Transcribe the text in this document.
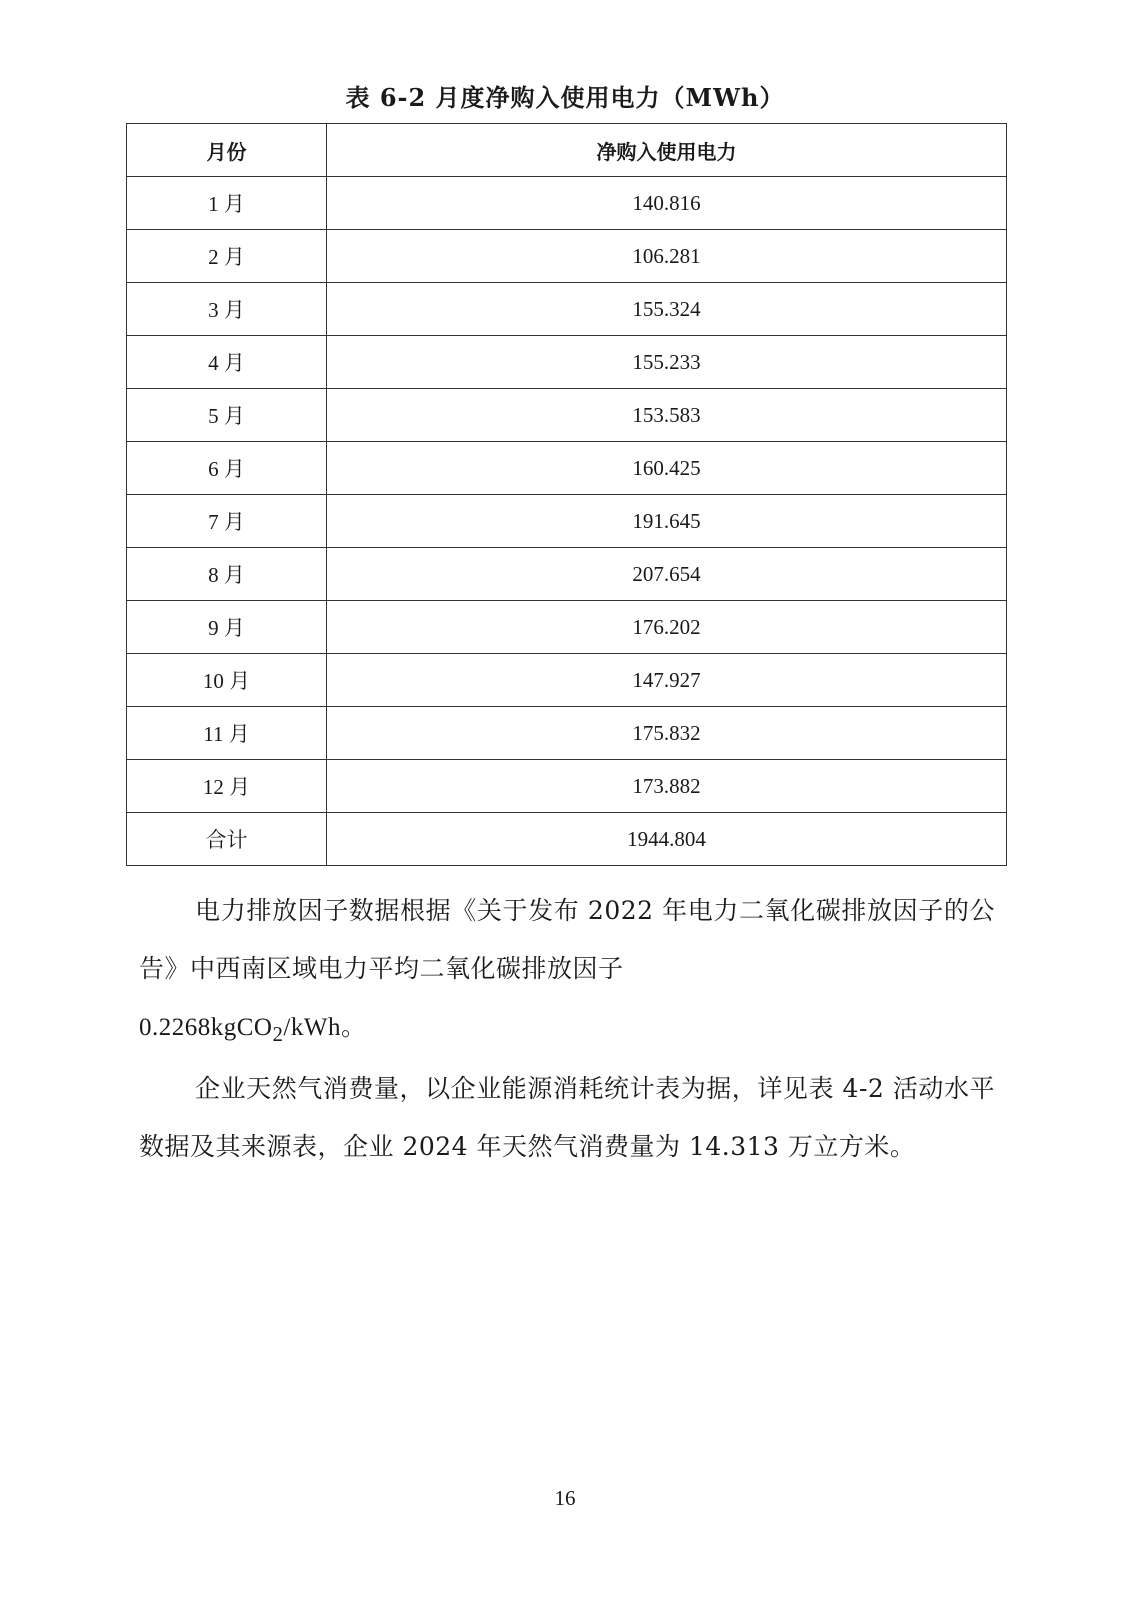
表 6-2 月度净购入使用电力（MWh）
月份	净购入使用电力
1 月	140.816
2 月	106.281
3 月	155.324
4 月	155.233
5 月	153.583
6 月	160.425
7 月	191.645
8 月	207.654
9 月	176.202
10 月	147.927
11 月	175.832
12 月	173.882
合计	1944.804
电力排放因子数据根据《关于发布 2022 年电力二氧化碳排放因子的公告》中西南区域电力平均二氧化碳排放因子
0.2268kgCO$_2$/kWh。
企业天然气消费量，以企业能源消耗统计表为据，详见表 4-2 活动水平数据及其来源表，企业 2024 年天然气消费量为 14.313 万立方米。
16
